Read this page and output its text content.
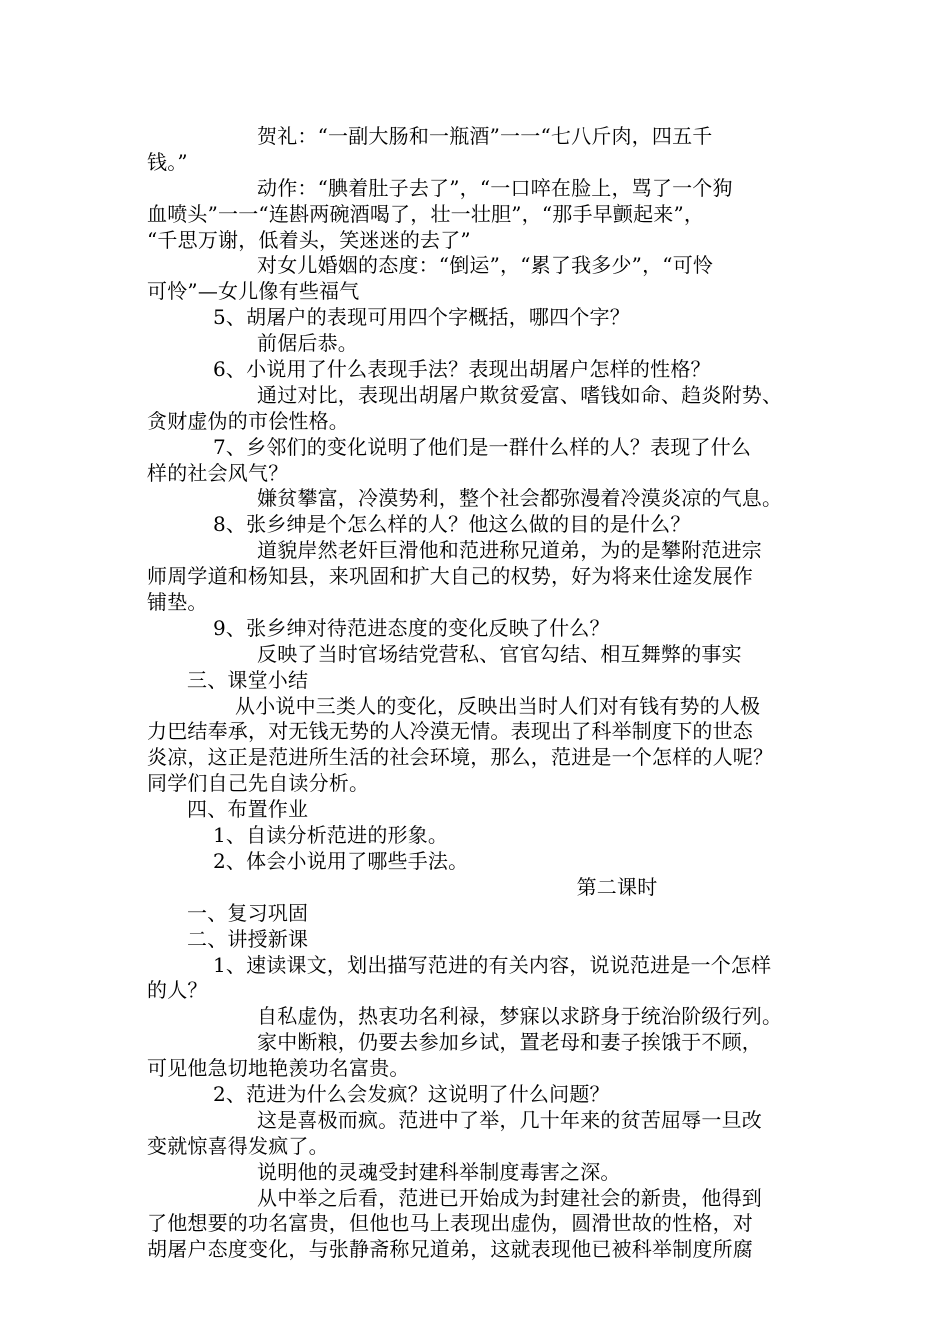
贺礼：“一副大肠和一瓶酒”一一“七八斤肉，四五千
钱。”
动作：“腆着肚子去了”，“一口啐在脸上，骂了一个狗
血喷头”一一“连斟两碗酒喝了，壮一壮胆”，“那手早颤起来”，
“千思万谢，低着头，笑迷迷的去了”
对女儿婚姻的态度：“倒运”，“累了我多少”，“可怜
可怜”—女儿像有些福气
5、胡屠户的表现可用四个字概括，哪四个字？
前倨后恭。
6、小说用了什么表现手法？表现出胡屠户怎样的性格？
通过对比，表现出胡屠户欺贫爱富、嗜钱如命、趋炎附势、
贪财虚伪的市侩性格。
7、乡邻们的变化说明了他们是一群什么样的人？表现了什么
样的社会风气？
嫌贫攀富，冷漠势利，整个社会都弥漫着冷漠炎凉的气息。
8、张乡绅是个怎么样的人？他这么做的目的是什么？
道貌岸然老奸巨滑他和范进称兄道弟，为的是攀附范进宗
师周学道和杨知县，来巩固和扩大自己的权势，好为将来仕途发展作
铺垫。
9、张乡绅对待范进态度的变化反映了什么？
反映了当时官场结党营私、官官勾结、相互舞弊的事实
三、课堂小结
从小说中三类人的变化，反映出当时人们对有钱有势的人极
力巴结奉承，对无钱无势的人冷漠无情。表现出了科举制度下的世态
炎凉，这正是范进所生活的社会环境，那么，范进是一个怎样的人呢？
同学们自己先自读分析。
四、布置作业
1、自读分析范进的形象。
2、体会小说用了哪些手法。
第二课时
一、复习巩固
二、讲授新课
1、速读课文，划出描写范进的有关内容，说说范进是一个怎样
的人？
自私虚伪，热衷功名利禄，梦寐以求跻身于统治阶级行列。
家中断粮，仍要去参加乡试，置老母和妻子挨饿于不顾，
可见他急切地艳羡功名富贵。
2、范进为什么会发疯？这说明了什么问题？
这是喜极而疯。范进中了举，几十年来的贫苦屈辱一旦改
变就惊喜得发疯了。
说明他的灵魂受封建科举制度毒害之深。
从中举之后看，范进已开始成为封建社会的新贵，他得到
了他想要的功名富贵，但他也马上表现出虚伪，圆滑世故的性格，对
胡屠户态度变化，与张静斋称兄道弟，这就表现他已被科举制度所腐
